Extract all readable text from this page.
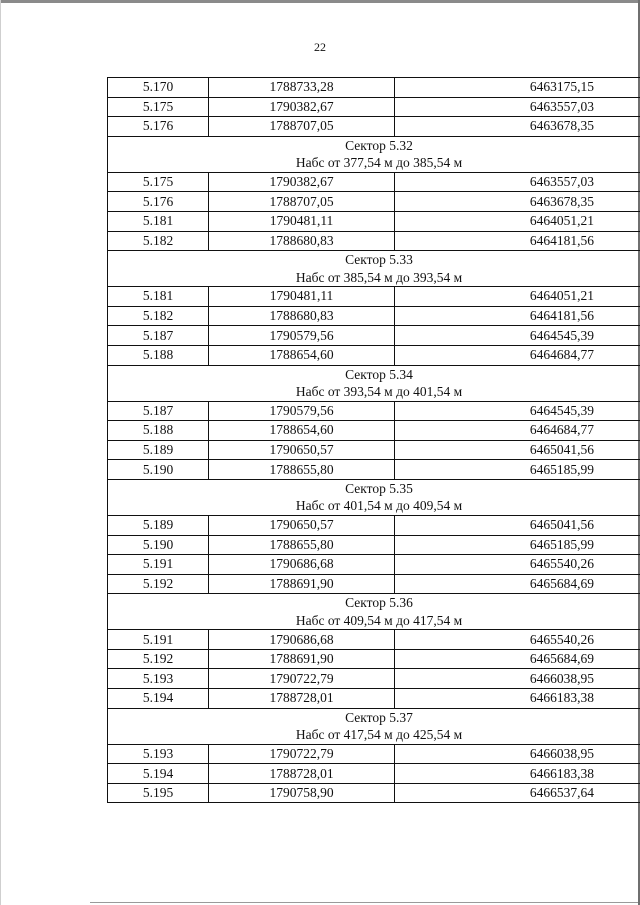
22
5.170	1788733,28	6463175,15
5.175	1790382,67	6463557,03
5.176	1788707,05	6463678,35

Сектор 5.32
Набс от 377,54 м до 385,54 м		

5.175	1790382,67	6463557,03
5.176	1788707,05	6463678,35
5.181	1790481,11	6464051,21
5.182	1788680,83	6464181,56

Сектор 5.33
Набс от 385,54 м до 393,54 м		

5.181	1790481,11	6464051,21
5.182	1788680,83	6464181,56
5.187	1790579,56	6464545,39
5.188	1788654,60	6464684,77

Сектор 5.34
Набс от 393,54 м до 401,54 м		

5.187	1790579,56	6464545,39
5.188	1788654,60	6464684,77
5.189	1790650,57	6465041,56
5.190	1788655,80	6465185,99

Сектор 5.35
Набс от 401,54 м до 409,54 м		

5.189	1790650,57	6465041,56
5.190	1788655,80	6465185,99
5.191	1790686,68	6465540,26
5.192	1788691,90	6465684,69

Сектор 5.36
Набс от 409,54 м до 417,54 м		

5.191	1790686,68	6465540,26
5.192	1788691,90	6465684,69
5.193	1790722,79	6466038,95
5.194	1788728,01	6466183,38

Сектор 5.37
Набс от 417,54 м до 425,54 м		

5.193	1790722,79	6466038,95
5.194	1788728,01	6466183,38
5.195	1790758,90	6466537,64
